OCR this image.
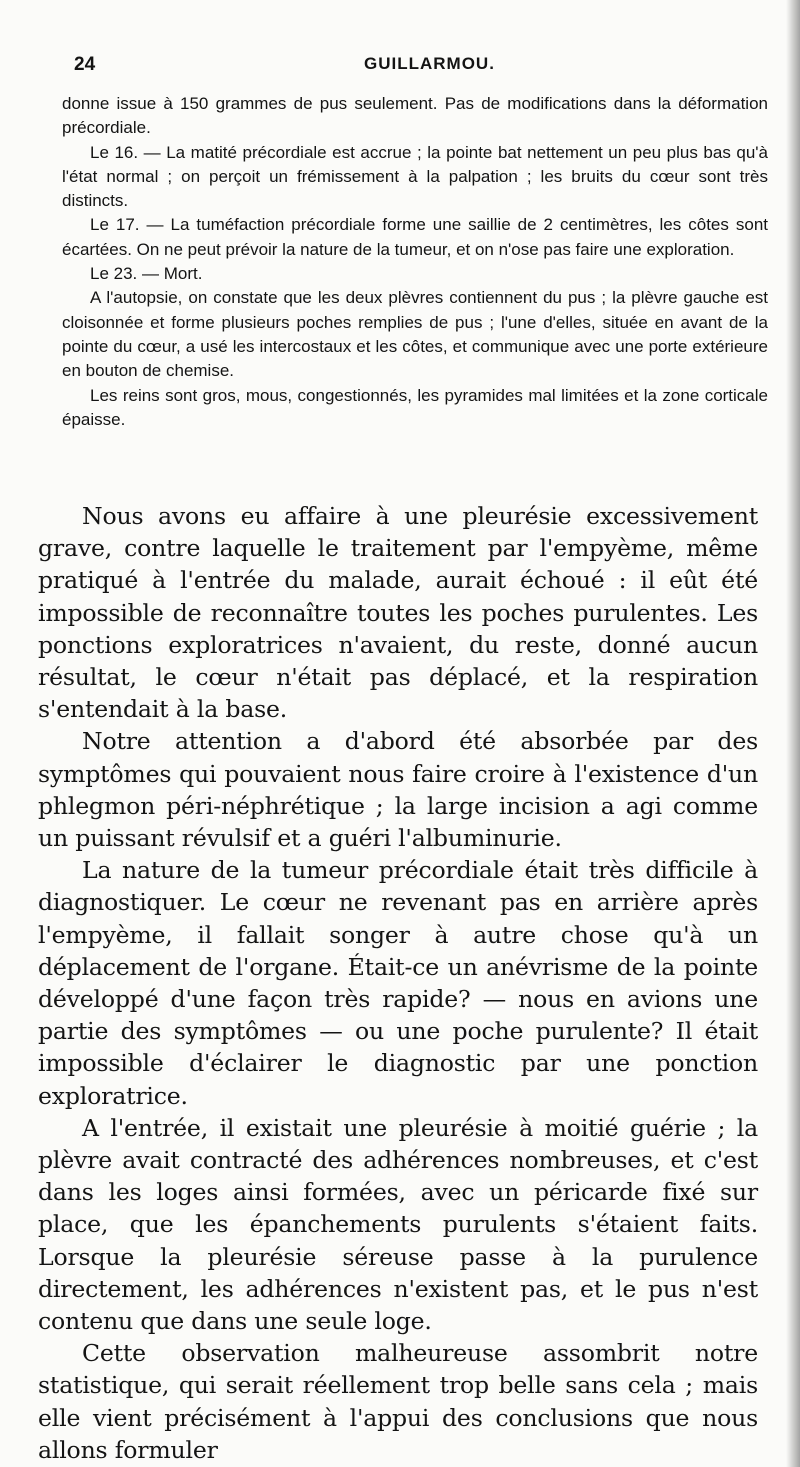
24	GUILLARMOU.

donne issue à 150 grammes de pus seulement. Pas de modifications dans la déformation précordiale.

Le 16. — La matité précordiale est accrue ; la pointe bat nettement un peu plus bas qu'à l'état normal ; on perçoit un frémissement à la palpation ; les bruits du cœur sont très distincts.

Le 17. — La tuméfaction précordiale forme une saillie de 2 centimètres, les côtes sont écartées. On ne peut prévoir la nature de la tumeur, et on n'ose pas faire une exploration.

Le 23. — Mort.

A l'autopsie, on constate que les deux plèvres contiennent du pus ; la plèvre gauche est cloisonnée et forme plusieurs poches remplies de pus ; l'une d'elles, située en avant de la pointe du cœur, a usé les intercostaux et les côtes, et communique avec une porte extérieure en bouton de chemise.

Les reins sont gros, mous, congestionnés, les pyramides mal limitées et la zone corticale épaisse.

Nous avons eu affaire à une pleurésie excessivement grave, contre laquelle le traitement par l'empyème, même pratiqué à l'entrée du malade, aurait échoué : il eût été impossible de reconnaître toutes les poches purulentes. Les ponctions exploratrices n'avaient, du reste, donné aucun résultat, le cœur n'était pas déplacé, et la respiration s'entendait à la base.

Notre attention a d'abord été absorbée par des symptômes qui pouvaient nous faire croire à l'existence d'un phlegmon péri-néphrétique ; la large incision a agi comme un puissant révulsif et a guéri l'albuminurie.

La nature de la tumeur précordiale était très difficile à diagnostiquer. Le cœur ne revenant pas en arrière après l'empyème, il fallait songer à autre chose qu'à un déplacement de l'organe. Était-ce un anévrisme de la pointe développé d'une façon très rapide? — nous en avions une partie des symptômes — ou une poche purulente? Il était impossible d'éclairer le diagnostic par une ponction exploratrice.

A l'entrée, il existait une pleurésie à moitié guérie ; la plèvre avait contracté des adhérences nombreuses, et c'est dans les loges ainsi formées, avec un péricarde fixé sur place, que les épanchements purulents s'étaient faits. Lorsque la pleurésie séreuse passe à la purulence directement, les adhérences n'existent pas, et le pus n'est contenu que dans une seule loge.

Cette observation malheureuse assombrit notre statistique, qui serait réellement trop belle sans cela ; mais elle vient précisément à l'appui des conclusions que nous allons formuler
